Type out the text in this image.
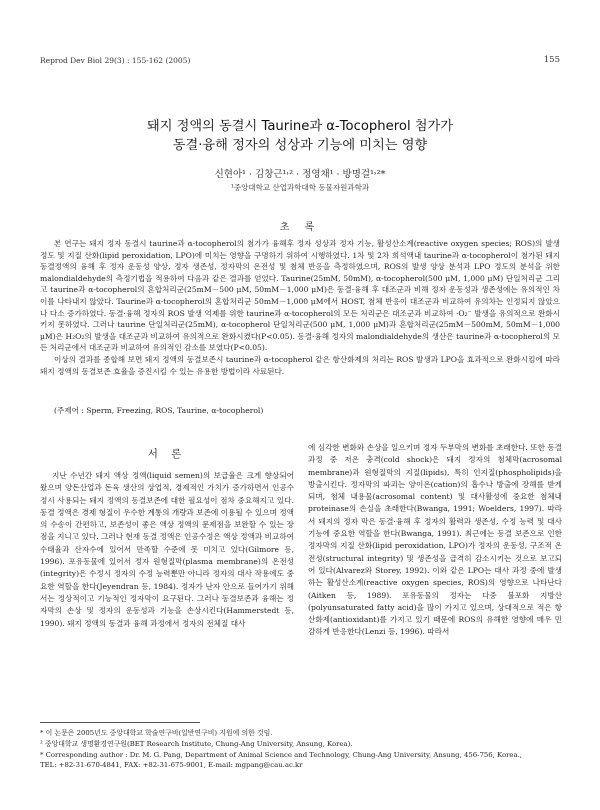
Reprod Dev Biol 29(3) : 155-162 (2005)	155
돼지 정액의 동결시 Taurine과 α-Tocopherol 첨가가
동결·융해 정자의 성상과 기능에 미치는 영향
신현아¹ · 김창근¹˒² · 정영채¹ · 방명걸¹˒²*
¹중앙대학교 산업과학대학 동물자원과학과
초 록

본 연구는 돼지 정자 동결시 taurine과 α-tocopherol의 첨가가 융해후 정자 성상과 정자 기능, 활성산소계(reactive oxygen species; ROS)의 발생 정도 및 지질 산화(lipid peroxidation, LPO)에 미치는 영향을 구명하기 위하여 시행하였다. 1차 및 2차 희석액내 taurine과 α-tocopherol이 첨가된 돼지 동결정액의 융해 후 정자 운동성 양상, 정자 생존성, 정자막의 온전성 및 첨체 반응을 측정하였으며, ROS의 발생 양상 분석과 LPO 정도의 분석을 위한 malondialdehyde의 측정기법을 적용하여 다음과 같은 결과를 얻었다. Taurine(25mM, 50mM), α-tocopherol(500 μM, 1,000 μM) 단일처리군 그리고 taurine과 α-tocopherol의 혼합처리군(25mM－500 μM, 50mM－1,000 μM)은 동결·융해 후 대조군과 비해 정자 운동성과 생존성에는 유의적인 차이를 나타내지 않았다. Taurine과 α-tocopherol의 혼합처리군 50mM－1,000 μM에서 HOST, 첨체 반응이 대조군과 비교하여 유의차는 인정되지 않았으나 다소 증가하였다. 동결·융해 정자의 ROS 발생 억제를 위한 taurine과 α-tocopherol의 모든 처리군은 대조군과 비교하여 ·O₂⁻ 발생을 유의적으로 완화시키지 못하였다. 그러나 taurine 단일처리군(25mM), α-tocopherol 단일처리군(500 μM, 1,000 μM)과 혼합처리군(25mM－500mM, 50mM－1,000 μM)은 H₂O₂의 발생을 대조군과 비교하여 유의적으로 완화시켰다(P<0.05). 동결·융해 정자의 malondialdehyde의 생산은 taurine과 α-tocopherol의 모든 처리군에서 대조군과 비교하여 유의적인 감소를 보였다(P<0.05).

이상의 결과를 종합해 보면 돼지 정액의 동결보존시 taurine과 α-tocopherol 같은 항산화제의 처리는 ROS 발생과 LPO을 효과적으로 완화시킴에 따라 돼지 정액의 동결보존 효율을 증진시킬 수 있는 유용한 방법이라 사료된다.

(주제어 : Sperm, Freezing, ROS, Taurine, α-tocopherol)
서 론

지난 수년간 돼지 액상 정액(liquid semen)의 보급율은 크게 향상되어 왔으며 양돈산업과 돈육 생산의 상업적, 경제적인 가치가 증가하면서 인공수정시 사용되는 돼지 정액의 동결보존에 대한 필요성이 점차 중요해지고 있다. 동결 정액은 경제 형질이 우수한 계통의 개량과 보존에 이용될 수 있으며 정액의 수송이 간편하고, 보존성이 좋은 액상 정액의 문제점을 보완할 수 있는 장점을 지니고 있다. 그러나 현재 동결 정액은 인공수정은 액상 정액과 비교하여 수태율과 산자수에 있어서 만족할 수준에 못 미치고 있다(Gilmore 등, 1996). 포유동물에 있어서 정자 원형질막(plasma membrane)의 온전성(integrity)은 수정시 정자의 수정 능력뿐만 아니라 정자의 대사 작용에도 중요한 역할을 한다(Jeyendran 등, 1984). 정자가 난자 안으로 들어가기 위해서는 정상적이고 기능적인 정자막이 요구된다. 그러나 동결보존과 융해는 정자막의 손상 및 정자의 운동성과 기능을 손상시킨다(Hammerstedt 등, 1990). 돼지 정액의 동결과 융해 과정에서 정자의 전체질 대사

에 심각한 변화와 손상을 일으키며 정자 두부막의 변화를 초래한다. 또한 동결 과정 중 저온 충격(cold shock)은 돼지 정자의 첨체막(acrosomal membrane)과 원형질막의 지질(lipids), 특히 인지질(phospholipids)을 방출시킨다. 정자막의 파괴는 양이온(cation)의 흡수나 방출에 장해를 받게 되며, 첨체 내용물(acrosomal content) 및 대사활성에 중요한 첨체내 proteinase의 손실을 초래한다(Bwanga, 1991; Woelders, 1997). 따라서 돼지의 정자 막은 동결·융해 후 정자의 활력과 생존성, 수정 능력 및 대사 기능에 중요한 역할을 한다(Bwanga, 1991). 최근에는 동결 보존으로 인한 정자막의 지질 산화(lipid peroxidation, LPO)가 정자의 운동성, 구조적 온전성(structural integrity) 및 생존성을 급격히 감소시키는 것으로 보고되어 있다(Alvarez와 Storey, 1992). 이와 같은 LPO는 대사 과정 중에 발생하는 활성산소계(reactive oxygen species, ROS)의 영향으로 나타난다(Aitken 등, 1989). 포유동물의 정자는 다중 불포화 지방산(polyunsaturated fatty acid)을 많이 가지고 있으며, 상대적으로 적은 항산화제(antioxidant)를 가지고 있기 때문에 ROS의 유해한 영향에 매우 민감하게 반응한다(Lenzi 등, 1996). 따라서

* 이 논문은 2005년도 중앙대학교 학술연구비(일반연구비) 지원에 의한 것임.
² 중앙대학교 생명환경연구원(BET Research Institute, Chung-Ang University, Ansung, Korea).
* Corresponding author : Dr. M. G. Pang, Department of Animal Science and Technology, Chung-Ang University, Ansung, 456-756, Korea.,
TEL: +82-31-670-4841, FAX: +82-31-675-9001, E-mail: mgpang@cau.ac.kr
